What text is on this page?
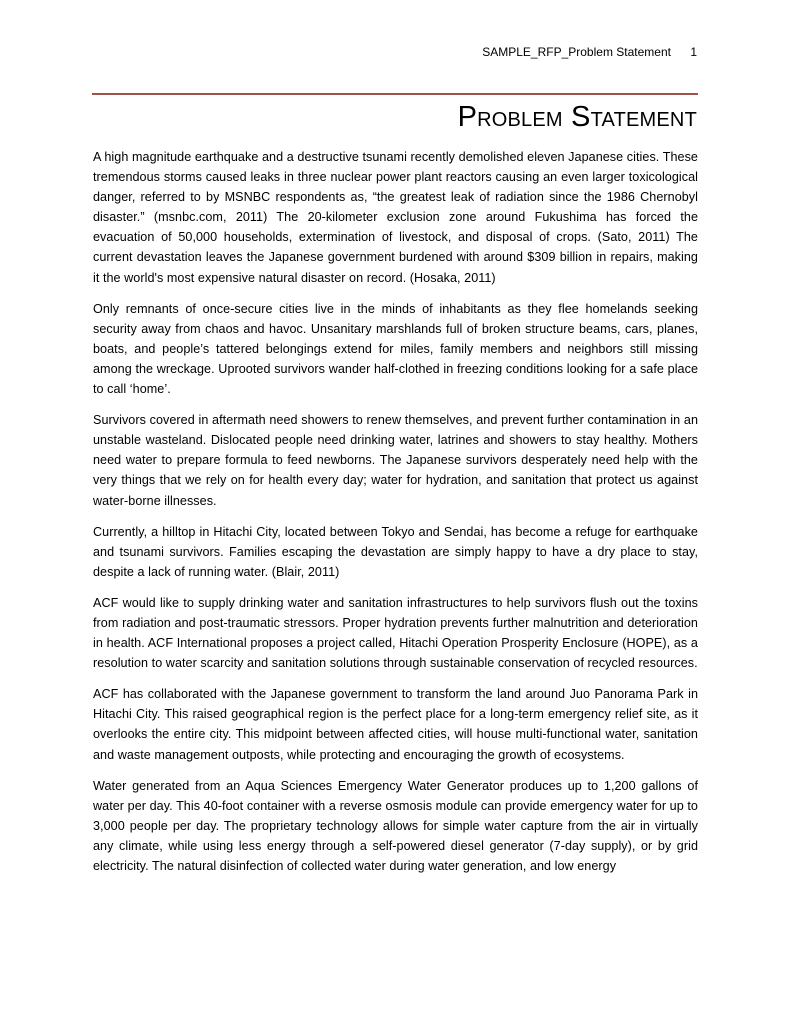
SAMPLE_RFP_Problem Statement 1
Problem Statement

A high magnitude earthquake and a destructive tsunami recently demolished eleven Japanese cities. These tremendous storms caused leaks in three nuclear power plant reactors causing an even larger toxicological danger, referred to by MSNBC respondents as, “the greatest leak of radiation since the 1986 Chernobyl disaster.” (msnbc.com, 2011) The 20-kilometer exclusion zone around Fukushima has forced the evacuation of 50,000 households, extermination of livestock, and disposal of crops. (Sato, 2011) The current devastation leaves the Japanese government burdened with around $309 billion in repairs, making it the world's most expensive natural disaster on record. (Hosaka, 2011)

Only remnants of once-secure cities live in the minds of inhabitants as they flee homelands seeking security away from chaos and havoc. Unsanitary marshlands full of broken structure beams, cars, planes, boats, and people’s tattered belongings extend for miles, family members and neighbors still missing among the wreckage. Uprooted survivors wander half-clothed in freezing conditions looking for a safe place to call ‘home’.

Survivors covered in aftermath need showers to renew themselves, and prevent further contamination in an unstable wasteland. Dislocated people need drinking water, latrines and showers to stay healthy. Mothers need water to prepare formula to feed newborns. The Japanese survivors desperately need help with the very things that we rely on for health every day; water for hydration, and sanitation that protect us against water-borne illnesses.

Currently, a hilltop in Hitachi City, located between Tokyo and Sendai, has become a refuge for earthquake and tsunami survivors. Families escaping the devastation are simply happy to have a dry place to stay, despite a lack of running water. (Blair, 2011)

ACF would like to supply drinking water and sanitation infrastructures to help survivors flush out the toxins from radiation and post-traumatic stressors. Proper hydration prevents further malnutrition and deterioration in health. ACF International proposes a project called, Hitachi Operation Prosperity Enclosure (HOPE), as a resolution to water scarcity and sanitation solutions through sustainable conservation of recycled resources.

ACF has collaborated with the Japanese government to transform the land around Juo Panorama Park in Hitachi City. This raised geographical region is the perfect place for a long-term emergency relief site, as it overlooks the entire city. This midpoint between affected cities, will house multi-functional water, sanitation and waste management outposts, while protecting and encouraging the growth of ecosystems.

Water generated from an Aqua Sciences Emergency Water Generator produces up to 1,200 gallons of water per day. This 40-foot container with a reverse osmosis module can provide emergency water for up to 3,000 people per day. The proprietary technology allows for simple water capture from the air in virtually any climate, while using less energy through a self-powered diesel generator (7-day supply), or by grid electricity. The natural disinfection of collected water during water generation, and low energy
